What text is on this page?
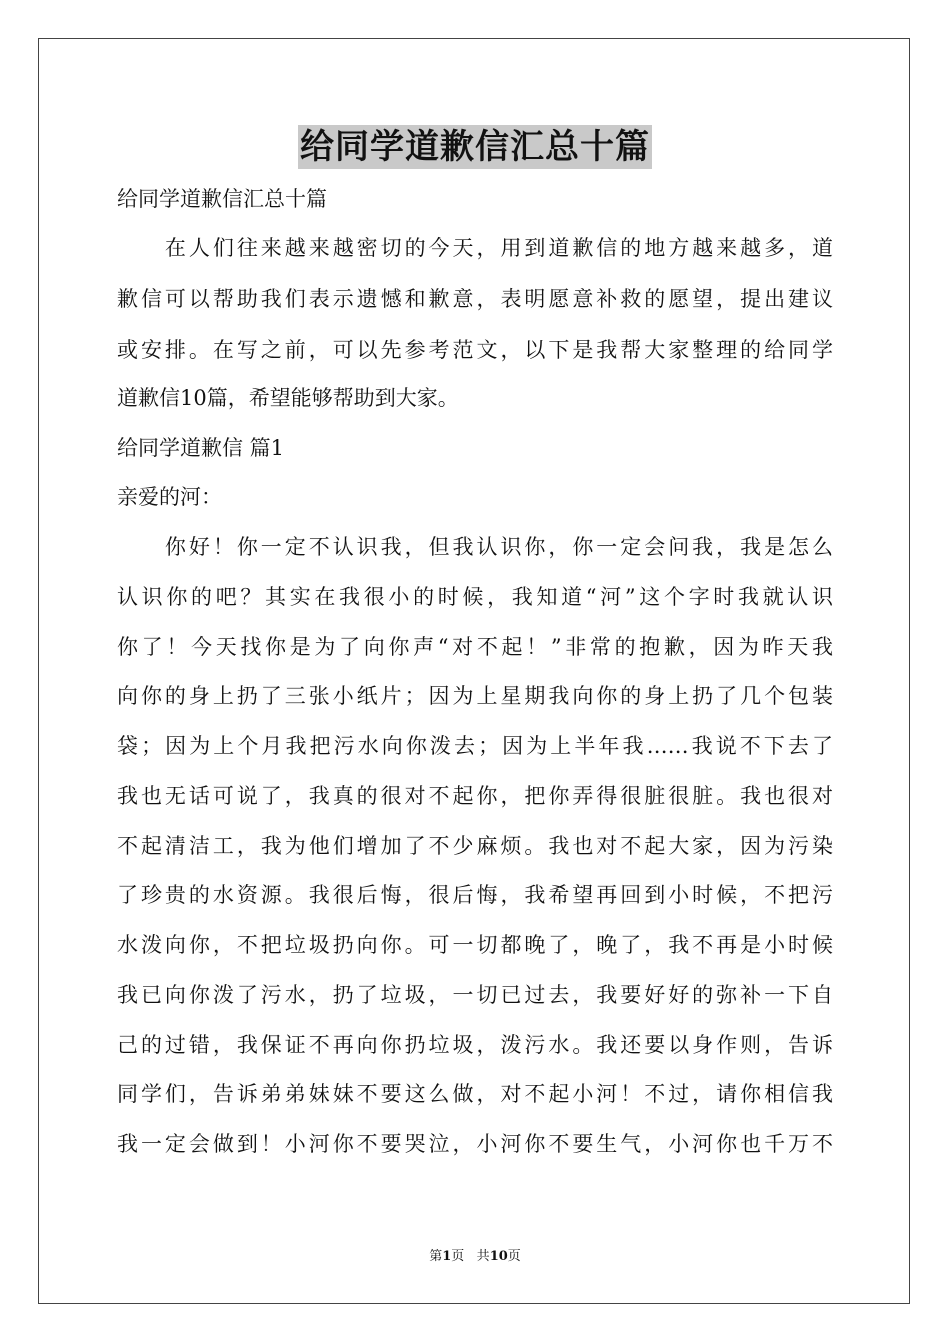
给同学道歉信汇总十篇
给同学道歉信汇总十篇
　　在人们往来越来越密切的今天，用到道歉信的地方越来越多，道
歉信可以帮助我们表示遗憾和歉意，表明愿意补救的愿望，提出建议
或安排。在写之前，可以先参考范文，以下是我帮大家整理的给同学
道歉信10篇，希望能够帮助到大家。
给同学道歉信 篇1
亲爱的河：
　　你好！你一定不认识我，但我认识你，你一定会问我，我是怎么
认识你的吧？其实在我很小的时候，我知道“河”这个字时我就认识
你了！今天找你是为了向你声“对不起！”非常的抱歉，因为昨天我
向你的身上扔了三张小纸片；因为上星期我向你的身上扔了几个包装
袋；因为上个月我把污水向你泼去；因为上半年我……我说不下去了
我也无话可说了，我真的很对不起你，把你弄得很脏很脏。我也很对
不起清洁工，我为他们增加了不少麻烦。我也对不起大家，因为污染
了珍贵的水资源。我很后悔，很后悔，我希望再回到小时候，不把污
水泼向你，不把垃圾扔向你。可一切都晚了，晚了，我不再是小时候
我已向你泼了污水，扔了垃圾，一切已过去，我要好好的弥补一下自
己的过错，我保证不再向你扔垃圾，泼污水。我还要以身作则，告诉
同学们，告诉弟弟妹妹不要这么做，对不起小河！不过，请你相信我
我一定会做到！小河你不要哭泣，小河你不要生气，小河你也千万不
第1页 共10页
